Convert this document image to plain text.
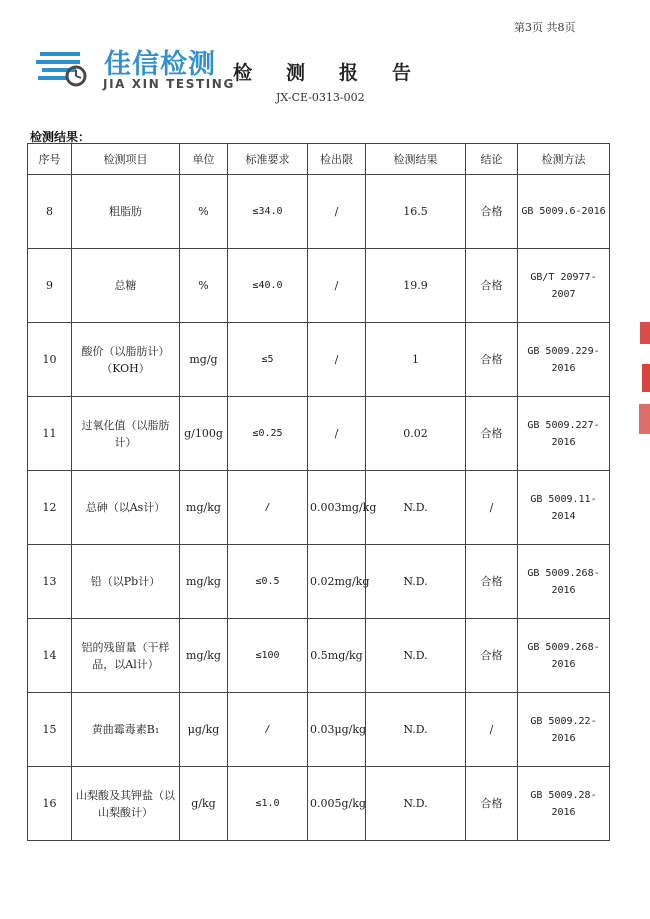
第3页 共8页
佳信检测
JIA XIN TESTING
检测报告
JX-CE-0313-002
检测结果：
序号	检测项目	单位	标准要求	检出限	检测结果	结论	检测方法
8	粗脂肪	%	≤34.0	/	16.5	合格	GB 5009.6-2016
9	总糖	%	≤40.0	/	19.9	合格	GB/T 20977-2007
10	酸价（以脂肪计）（KOH）	mg/g	≤5	/	1	合格	GB 5009.229-2016
11	过氧化值（以脂肪计）	g/100g	≤0.25	/	0.02	合格	GB 5009.227-2016
12	总砷（以As计）	mg/kg	/	0.003mg/kg	N.D.	/	GB 5009.11-2014
13	铅（以Pb计）	mg/kg	≤0.5	0.02mg/kg	N.D.	合格	GB 5009.268-2016
14	铝的残留量（干样品，以Al计）	mg/kg	≤100	0.5mg/kg	N.D.	合格	GB 5009.268-2016
15	黄曲霉毒素B₁	μg/kg	/	0.03μg/kg	N.D.	/	GB 5009.22-2016
16	山梨酸及其钾盐（以山梨酸计）	g/kg	≤1.0	0.005g/kg	N.D.	合格	GB 5009.28-2016
